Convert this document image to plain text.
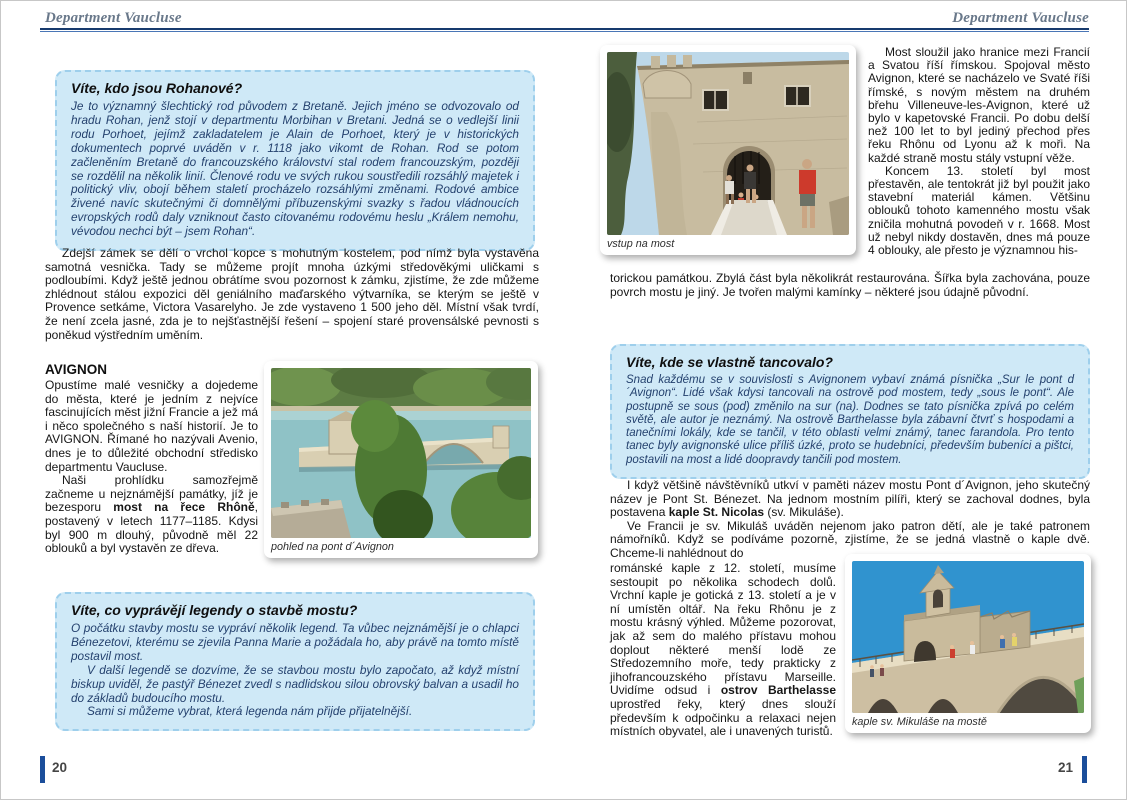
Department Vaucluse	Department Vaucluse
Víte, kdo jsou Rohanové?

Je to významný šlechtický rod původem z Bretaně. Jejich jméno se odvozovalo od hradu Rohan, jenž stojí v departmentu Morbihan v Bretani. Jedná se o vedlejší linii rodu Porhoet, jejímž zakladatelem je Alain de Porhoet, který je v historických dokumentech poprvé uváděn v r. 1118 jako vikomt de Rohan. Rod se potom začleněním Bretaně do francouzského království stal rodem francouzským, později se rozdělil na několik linií. Členové rodu ve svých rukou soustředili rozsáhlý majetek i politický vliv, obojí během staletí procházelo rozsáhlými změnami. Rodové ambice živené navíc skutečnými či domnělými příbuzenskými svazky s řadou vládnoucích evropských rodů daly vzniknout často citovanému rodovému heslu „Králem nemohu, vévodou nechci být – jsem Rohan“.

Zdejší zámek se dělí o vrchol kopce s mohutným kostelem, pod nímž byla vystavěna samotná vesnička. Tady se můžeme projít mnoha úzkými středověkými uličkami s podloubími. Když ještě jednou obrátíme svou pozornost k zámku, zjistíme, že zde můžeme zhlédnout stálou expozici děl geniálního maďarského výtvarníka, se kterým se ještě v Provence setkáme, Victora Vasarelyho. Je zde vystaveno 1 500 jeho děl. Místní však tvrdí, že není zcela jasné, zda je to nejšťastnější řešení – spojení staré provensálské pevnosti s poněkud výstředním uměním.

AVIGNON

Opustíme malé vesničky a dojedeme do města, které je jedním z nejvíce fascinujících měst jižní Francie a jež má i něco společného s naší historií. Je to AVIGNON. Římané ho nazývali Avenio, dnes je to důležité obchodní středisko departmentu Vaucluse.

Naši prohlídku samozřejmě začneme u nejznámější památky, jíž je bezesporu most na řece Rhôně, postavený v letech 1177–1185. Kdysi byl 900 m dlouhý, původně měl 22 oblouků a byl vystavěn ze dřeva.	pohled na pont d´Avignon
Víte, co vyprávějí legendy o stavbě mostu?

O počátku stavby mostu se vypráví několik legend. Ta vůbec nejznámější je o chlapci Bénezetovi, kterému se zjevila Panna Marie a požádala ho, aby právě na tomto místě postavil most.

V další legendě se dozvíme, že se stavbou mostu bylo započato, až když místní biskup uviděl, že pastýř Bénezet zvedl s nadlidskou silou obrovský balvan a usadil ho do základů budoucího mostu.

Sami si můžeme vybrat, která legenda nám přijde přijatelnější.

20
vstup na most

Most sloužil jako hranice mezi Francií a Svatou říší římskou. Spojoval město Avignon, které se nacházelo ve Svaté říši římské, s novým městem na druhém břehu Villeneuve-les-Avignon, které už bylo v kapetovské Francii. Po dobu delší než 100 let to byl jediný přechod přes řeku Rhônu od Lyonu až k moři. Na každé straně mostu stály vstupní věže.

Koncem 13. století byl most přestavěn, ale tentokrát již byl použit jako stavební materiál kámen. Většinu oblouků tohoto kamenného mostu však zničila mohutná povodeň v r. 1668. Most už nebyl nikdy dostavěn, dnes má pouze 4 oblouky, ale přesto je významnou his-

torickou památkou. Zbylá část byla několikrát restaurována. Šířka byla zachována, pouze povrch mostu je jiný. Je tvořen malými kamínky – některé jsou údajně původní.

Víte, kde se vlastně tancovalo?

Snad každému se v souvislosti s Avignonem vybaví známá písnička „Sur le pont d´Avignon“. Lidé však kdysi tancovali na ostrově pod mostem, tedy „sous le pont“. Ale postupně se sous (pod) změnilo na sur (na). Dodnes se tato písnička zpívá po celém světě, ale autor je neznámý. Na ostrově Barthelasse byla zábavní čtvrť s hospodami a tanečními lokály, kde se tančil, v této oblasti velmi známý, tanec farandola. Pro tento tanec byly avignonské ulice příliš úzké, proto se hudebníci, především bubeníci a pištci, postavili na most a lidé doopravdy tančili pod mostem.

I když většině návštěvníků utkví v paměti název mostu Pont d´Avignon, jeho skutečný název je Pont St. Bénezet. Na jednom mostním pilíři, který se zachoval dodnes, byla postavena kaple St. Nicolas (sv. Mikuláše).

Ve Francii je sv. Mikuláš uváděn nejenom jako patron dětí, ale je také patronem námořníků. Když se podíváme pozorně, zjistíme, že se jedná vlastně o kaple dvě. Chceme-li nahlédnout do

románské kaple z 12. století, musíme sestoupit po několika schodech dolů. Vrchní kaple je gotická z 13. století a je v ní umístěn oltář. Na řeku Rhônu je z mostu krásný výhled. Můžeme pozorovat, jak až sem do malého přístavu mohou doplout některé menší lodě ze Středozemního moře, tedy prakticky z jihofrancouzského přístavu Marseille. Uvidíme odsud i ostrov Barthelasse uprostřed řeky, který dnes slouží především k odpočinku a relaxaci nejen místních obyvatel, ale i unavených turistů.

kaple sv. Mikuláše na mostě
21
